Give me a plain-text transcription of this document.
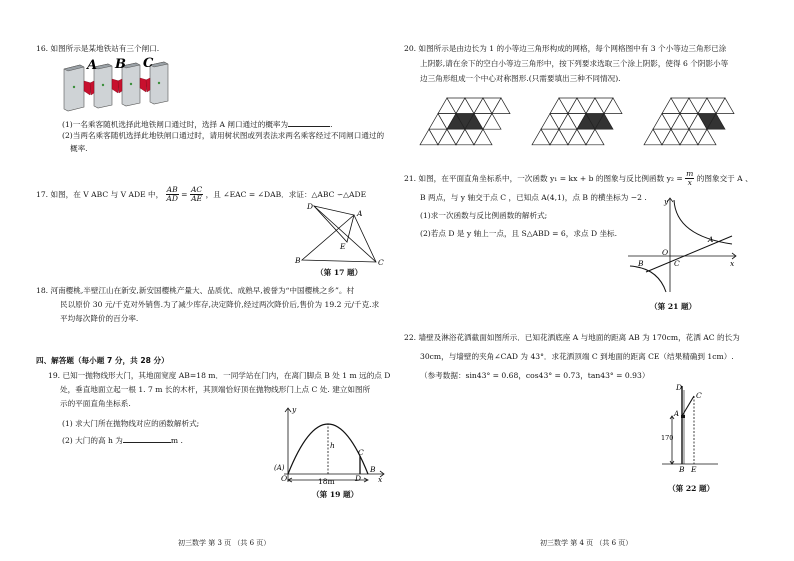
16. 如图所示是某地铁站有三个闸口.
A B C
(1)一名乘客随机选择此地铁闸口通过时，选择 A 闸口通过的概率为	.
(2)当两名乘客随机选择此地铁闸口通过时，请用树状图或列表法求两名乘客经过不同闸口通过的
概率.
17. 如图，在 V ABC 与 V ADE 中， $\frac{AB}{AD} = \frac{AC}{AE}$ ，且 ∠EAC = ∠DAB．求证：△ABC ∽△ADE
D
A
E
B	C
（第 17 题）
18. 河南樱桃,半壁江山在新安,新安国樱桃产量大、品质优、成熟早,被誉为“中国樱桃之乡”。村
民以原价 30 元/千克对外销售.为了减少库存,决定降价,经过两次降价后,售价为 19.2 元/千克.求
平均每次降价的百分率.
四、解答题（每小题 7 分，共 28 分）
19. 已知一抛物线形大门，其地面宽度 AB=18 m．一同学站在门内，在离门脚点 B 处 1 m 远的点 D
处，垂直地面立起一根 1. 7 m 长的木杆，其顶端恰好顶在抛物线形门上点 C 处. 建立如图所
示的平面直角坐标系.
(1) 求大门所在抛物线对应的函数解析式;
(2) 大门的高 h 为	m .
y
h
(A)
O	18m
C
D
B
x
（第 19 题）
初三数学 第 3 页 （共 6 页）
20. 如图所示是由边长为 1 的小等边三角形构成的网格，每个网格图中有 3 个小等边三角形已涂
上阴影,请在余下的空白小等边三角形中，按下列要求选取三个涂上阴影，使得 6 个阴影小等
边三角形组成一个中心对称图形.(只需要填出三种不同情况).
21. 如图，在平面直角坐标系中，一次函数 y₁ = kx + b 的图象与反比例函数 $y_2 = \frac{m}{x}$ 的图象交于 A 、
B 两点，与 y 轴交于点 C ，已知点 A(4,1)，点 B 的横坐标为 −2 .
(1)求一次函数与反比例函数的解析式;
(2)若点 D 是 y 轴上一点，且 S△ABD = 6，求点 D 坐标.
y
x
A
B	C
O
（第 21 题）
22. 墙壁及淋浴花洒截面如图所示．已知花洒底座 A 与地面的距离 AB 为 170cm，花洒 AC 的长为
30cm，与墙壁的夹角∠CAD 为 43°．求花洒顶端 C 到地面的距离 CE（结果精确到 1cm）.
（参考数据：sin43° = 0.68，cos43° = 0.73，tan43° = 0.93）
D
C
A
170
B E
（第 22 题）
初三数学 第 4 页 （共 6 页）
